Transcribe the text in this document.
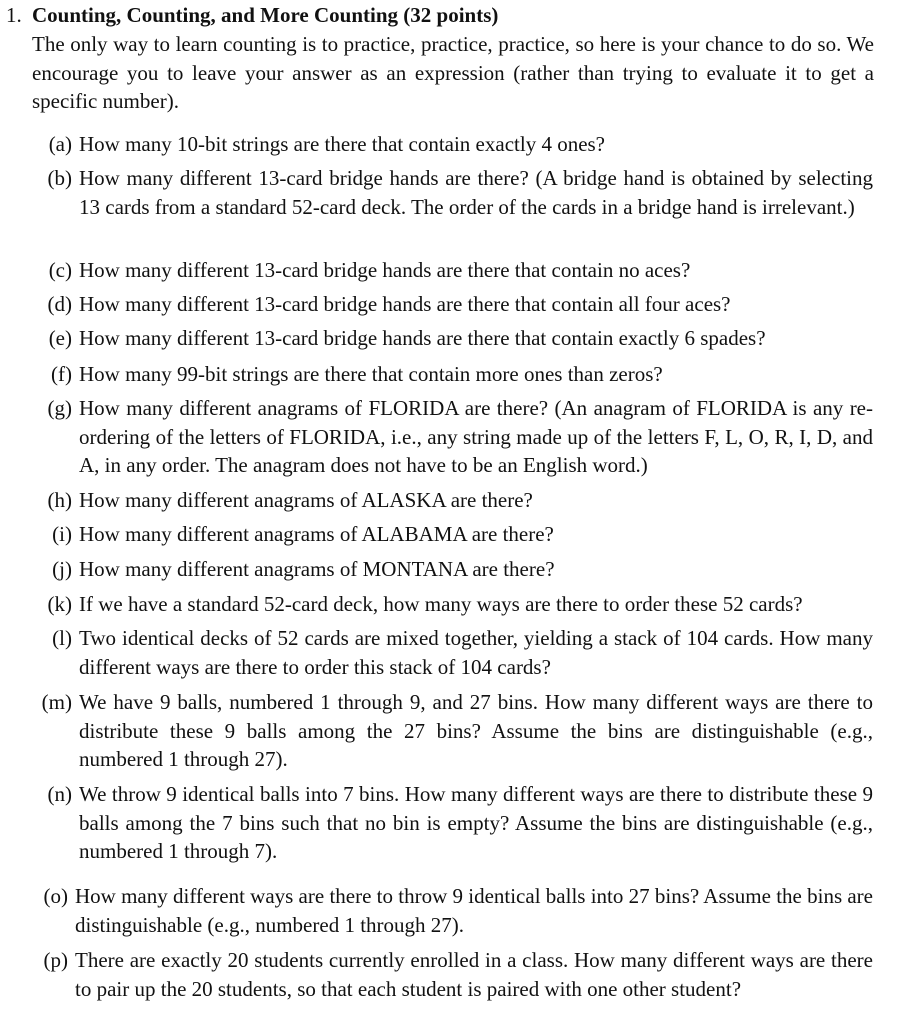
1. Counting, Counting, and More Counting (32 points)
The only way to learn counting is to practice, practice, practice, so here is your chance to do so. We encourage you to leave your answer as an expression (rather than trying to evaluate it to get a specific number).
(a) How many 10-bit strings are there that contain exactly 4 ones?
(b) How many different 13-card bridge hands are there? (A bridge hand is obtained by selecting 13 cards from a standard 52-card deck. The order of the cards in a bridge hand is irrelevant.)
(c) How many different 13-card bridge hands are there that contain no aces?
(d) How many different 13-card bridge hands are there that contain all four aces?
(e) How many different 13-card bridge hands are there that contain exactly 6 spades?
(f) How many 99-bit strings are there that contain more ones than zeros?
(g) How many different anagrams of FLORIDA are there? (An anagram of FLORIDA is any re-ordering of the letters of FLORIDA, i.e., any string made up of the letters F, L, O, R, I, D, and A, in any order. The anagram does not have to be an English word.)
(h) How many different anagrams of ALASKA are there?
(i) How many different anagrams of ALABAMA are there?
(j) How many different anagrams of MONTANA are there?
(k) If we have a standard 52-card deck, how many ways are there to order these 52 cards?
(l) Two identical decks of 52 cards are mixed together, yielding a stack of 104 cards. How many different ways are there to order this stack of 104 cards?
(m) We have 9 balls, numbered 1 through 9, and 27 bins. How many different ways are there to distribute these 9 balls among the 27 bins? Assume the bins are distinguishable (e.g., numbered 1 through 27).
(n) We throw 9 identical balls into 7 bins. How many different ways are there to distribute these 9 balls among the 7 bins such that no bin is empty? Assume the bins are distinguishable (e.g., numbered 1 through 7).
(o) How many different ways are there to throw 9 identical balls into 27 bins? Assume the bins are distinguishable (e.g., numbered 1 through 27).
(p) There are exactly 20 students currently enrolled in a class. How many different ways are there to pair up the 20 students, so that each student is paired with one other student?
